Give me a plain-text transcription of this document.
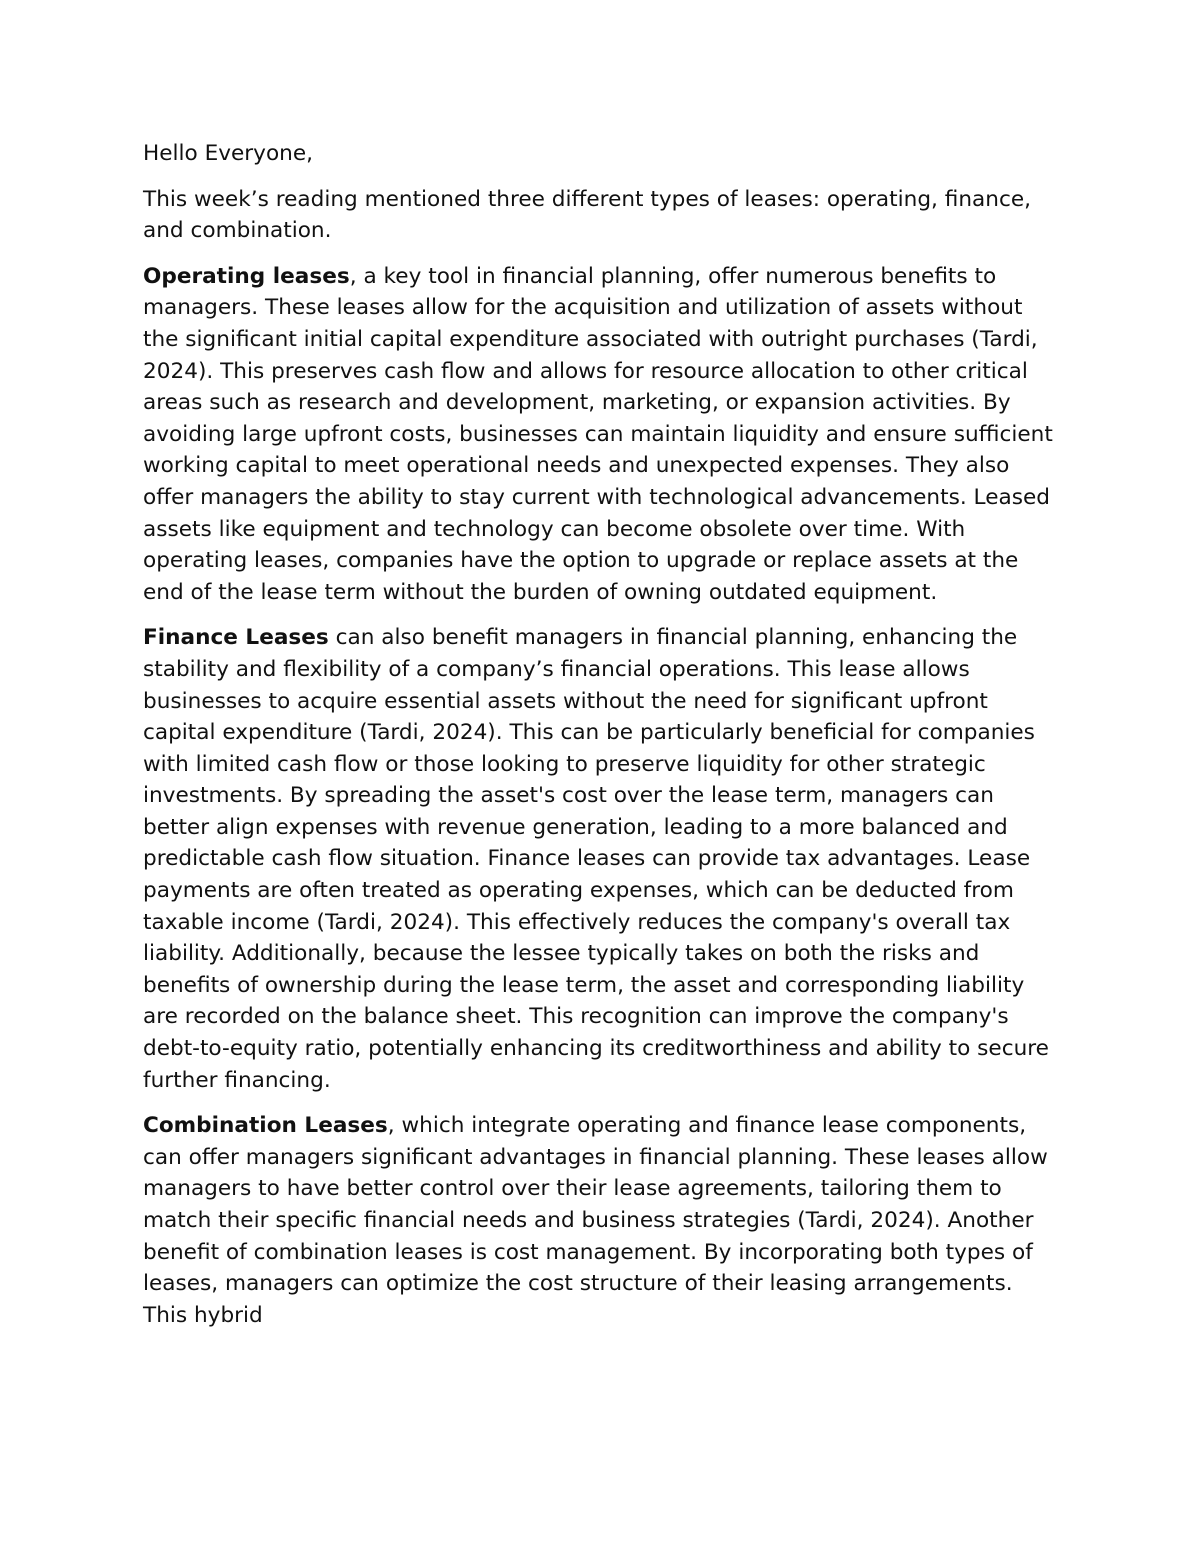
Hello Everyone,

This week’s reading mentioned three different types of leases: operating, finance, and combination.

Operating leases, a key tool in financial planning, offer numerous benefits to managers. These leases allow for the acquisition and utilization of assets without the significant initial capital expenditure associated with outright purchases (Tardi, 2024). This preserves cash flow and allows for resource allocation to other critical areas such as research and development, marketing, or expansion activities. By avoiding large upfront costs, businesses can maintain liquidity and ensure sufficient working capital to meet operational needs and unexpected expenses. They also offer managers the ability to stay current with technological advancements. Leased assets like equipment and technology can become obsolete over time. With operating leases, companies have the option to upgrade or replace assets at the end of the lease term without the burden of owning outdated equipment.

Finance Leases can also benefit managers in financial planning, enhancing the stability and flexibility of a company’s financial operations. This lease allows businesses to acquire essential assets without the need for significant upfront capital expenditure (Tardi, 2024). This can be particularly beneficial for companies with limited cash flow or those looking to preserve liquidity for other strategic investments. By spreading the asset's cost over the lease term, managers can better align expenses with revenue generation, leading to a more balanced and predictable cash flow situation. Finance leases can provide tax advantages. Lease payments are often treated as operating expenses, which can be deducted from taxable income (Tardi, 2024). This effectively reduces the company's overall tax liability. Additionally, because the lessee typically takes on both the risks and benefits of ownership during the lease term, the asset and corresponding liability are recorded on the balance sheet. This recognition can improve the company's debt-to-equity ratio, potentially enhancing its creditworthiness and ability to secure further financing.

Combination Leases, which integrate operating and finance lease components, can offer managers significant advantages in financial planning. These leases allow managers to have better control over their lease agreements, tailoring them to match their specific financial needs and business strategies (Tardi, 2024). Another benefit of combination leases is cost management. By incorporating both types of leases, managers can optimize the cost structure of their leasing arrangements. This hybrid
